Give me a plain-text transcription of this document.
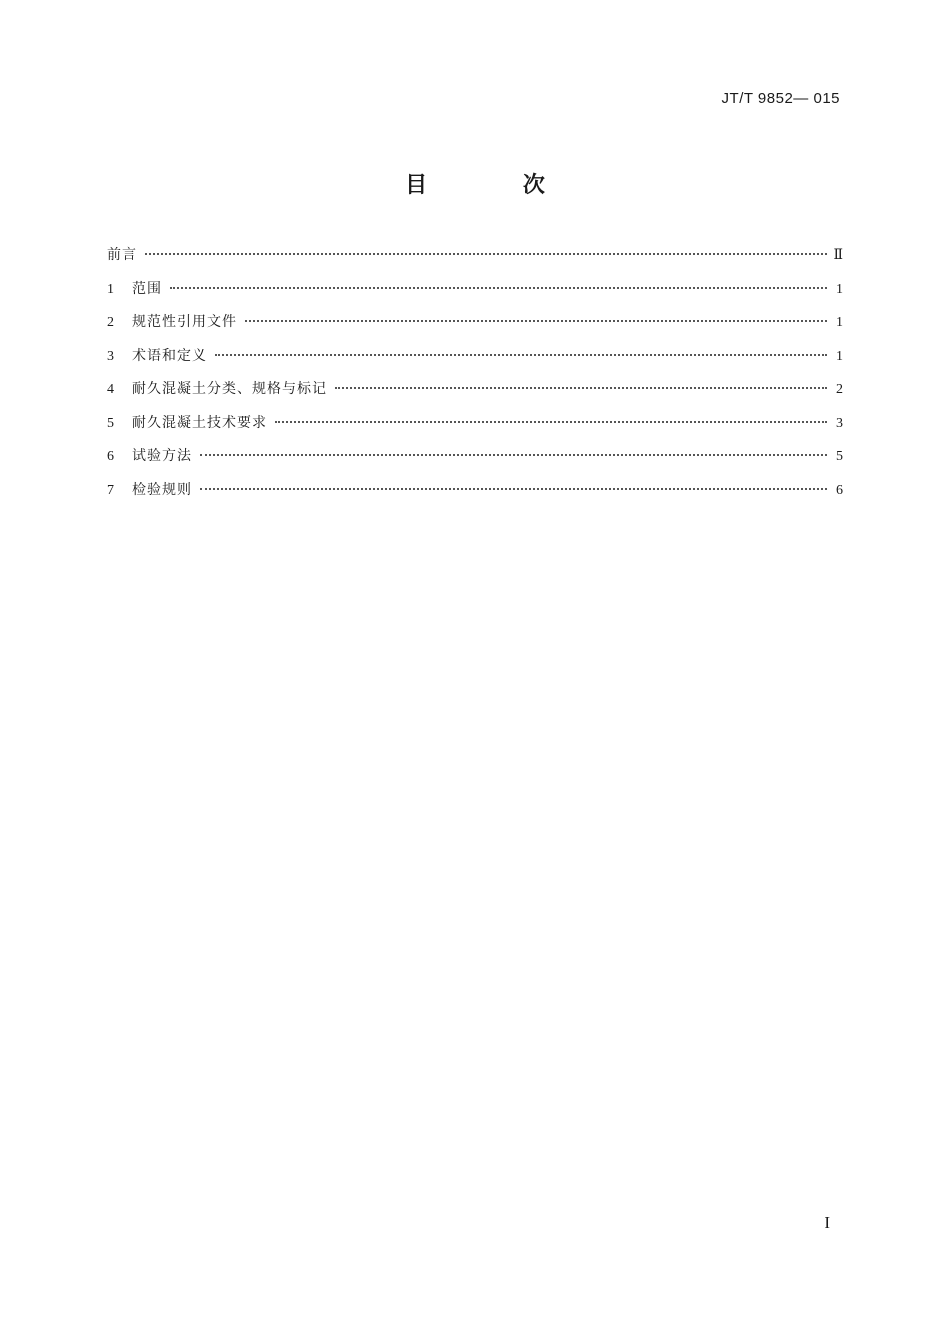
JT/T 9852— 015
目 次
前言	Ⅱ
1	范围	1
2	规范性引用文件	1
3	术语和定义	1
4	耐久混凝土分类、规格与标记	2
5	耐久混凝土技术要求	3
6	试验方法	5
7	检验规则	6
I
